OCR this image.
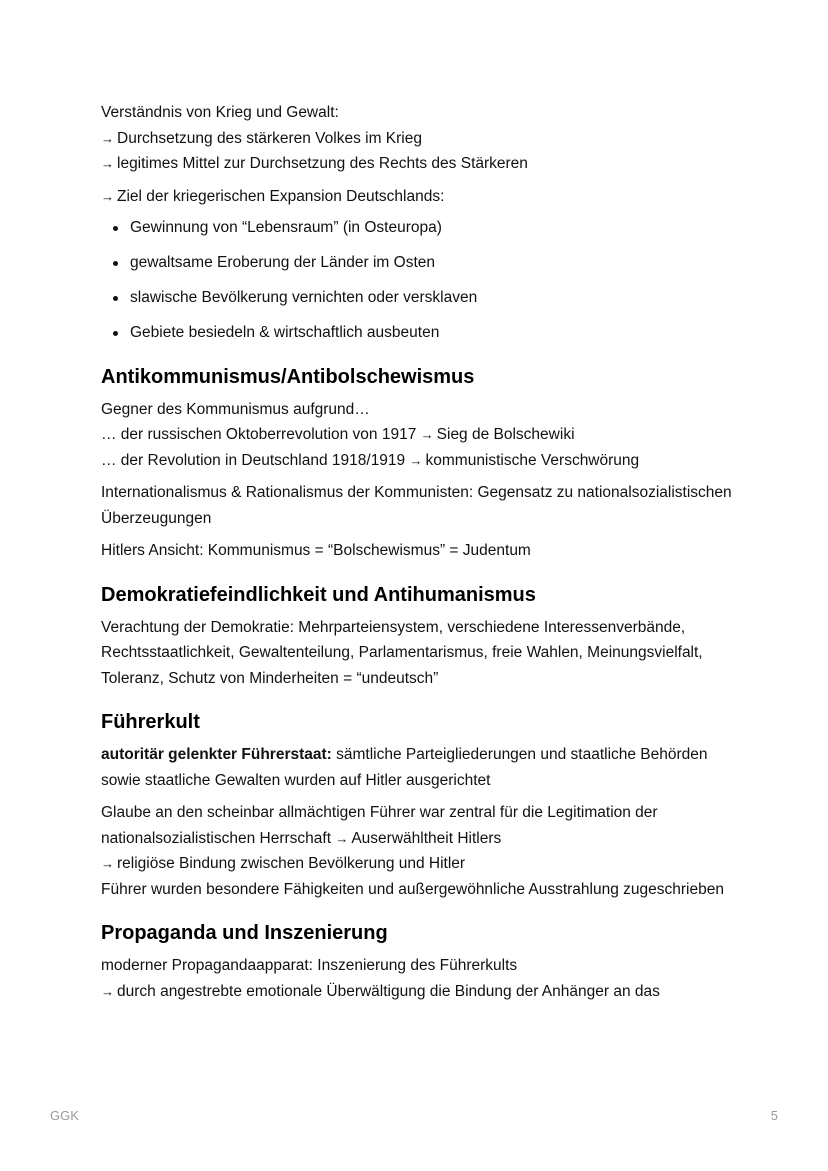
Verständnis von Krieg und Gewalt:
→ Durchsetzung des stärkeren Volkes im Krieg
→ legitimes Mittel zur Durchsetzung des Rechts des Stärkeren
→ Ziel der kriegerischen Expansion Deutschlands:
Gewinnung von “Lebensraum” (in Osteuropa)
gewaltsame Eroberung der Länder im Osten
slawische Bevölkerung vernichten oder versklaven
Gebiete besiedeln & wirtschaftlich ausbeuten
Antikommunismus/Antibolschewismus
Gegner des Kommunismus aufgrund…
… der russischen Oktoberrevolution von 1917 → Sieg de Bolschewiki
… der Revolution in Deutschland 1918/1919 → kommunistische Verschwörung
Internationalismus & Rationalismus der Kommunisten: Gegensatz zu nationalsozialistischen Überzeugungen
Hitlers Ansicht: Kommunismus = “Bolschewismus” = Judentum
Demokratiefeindlichkeit und Antihumanismus
Verachtung der Demokratie: Mehrparteiensystem, verschiedene Interessenverbände, Rechtsstaatlichkeit, Gewaltenteilung, Parlamentarismus, freie Wahlen, Meinungsvielfalt, Toleranz, Schutz von Minderheiten = “undeutsch”
Führerkult
autoritär gelenkter Führerstaat: sämtliche Parteigliederungen und staatliche Behörden sowie staatliche Gewalten wurden auf Hitler ausgerichtet
Glaube an den scheinbar allmächtigen Führer war zentral für die Legitimation der nationalsozialistischen Herrschaft → Auserwähltheit Hitlers
→ religiöse Bindung zwischen Bevölkerung und Hitler
Führer wurden besondere Fähigkeiten und außergewöhnliche Ausstrahlung zugeschrieben
Propaganda und Inszenierung
moderner Propagandaapparat: Inszenierung des Führerkults
→ durch angestrebte emotionale Überwältigung die Bindung der Anhänger an das
GGK	5
